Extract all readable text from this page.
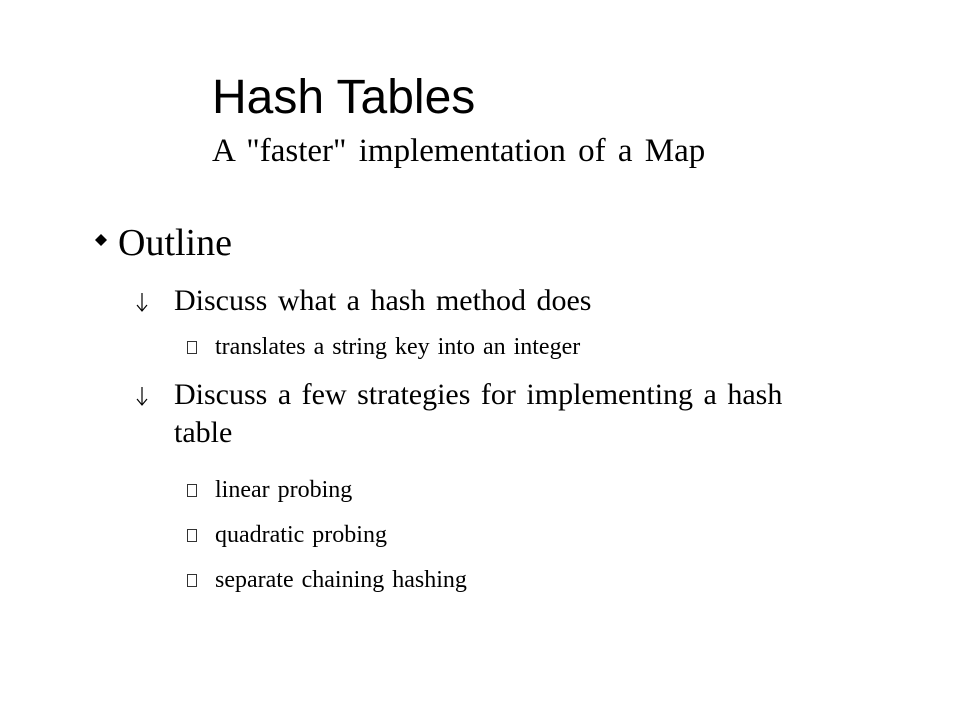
Hash Tables
A "faster" implementation of a Map
Outline
Discuss what a hash method does
translates a string key into an integer
Discuss a few strategies for implementing a hash table
linear probing
quadratic probing
separate chaining hashing
